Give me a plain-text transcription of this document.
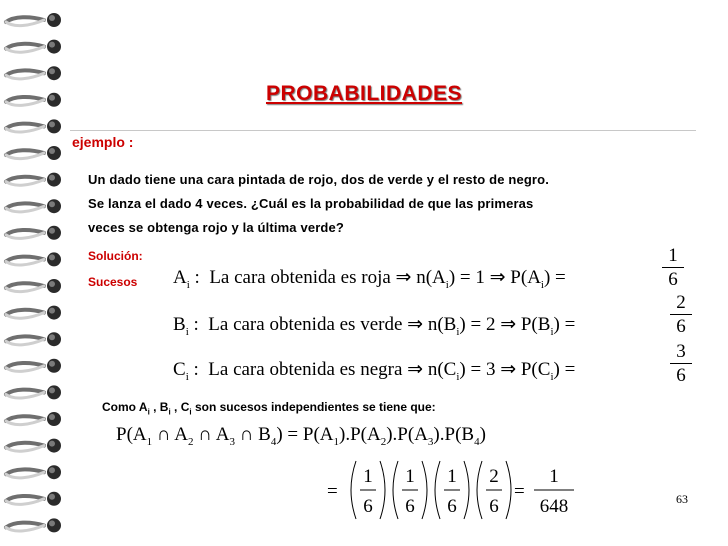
PROBABILIDADES
ejemplo :
Un dado tiene una cara pintada de rojo, dos de verde y el resto de negro.
Se lanza el dado 4 veces. ¿Cuál es la probabilidad de que las primeras
veces se obtenga rojo y la última verde?
Solución:
Sucesos $A_i$ :  La cara obtenida es roja ⇒ $n(A_i) = 1$ ⇒ $P(A_i)$ =	$\frac{1}{6}$
$B_i$ :  La cara obtenida es verde ⇒ $n(B_i) = 2$ ⇒ $P(B_i)$ =	$\frac{2}{6}$
$C_i$ :  La cara obtenida es negra ⇒ $n(C_i) = 3$ ⇒ $P(C_i)$ =	$\frac{3}{6}$
Como $A_i$ , $B_i$ , $C_i$ son sucesos independientes se tiene que:
$P(A_1$ ∩ $A_2$ ∩ $A_3$ ∩ $B_4) = P(A_1).P(A_2).P(A_3).P(B_4)$
=
1
6
1
6
1
6
2
6
=
1
648	63
